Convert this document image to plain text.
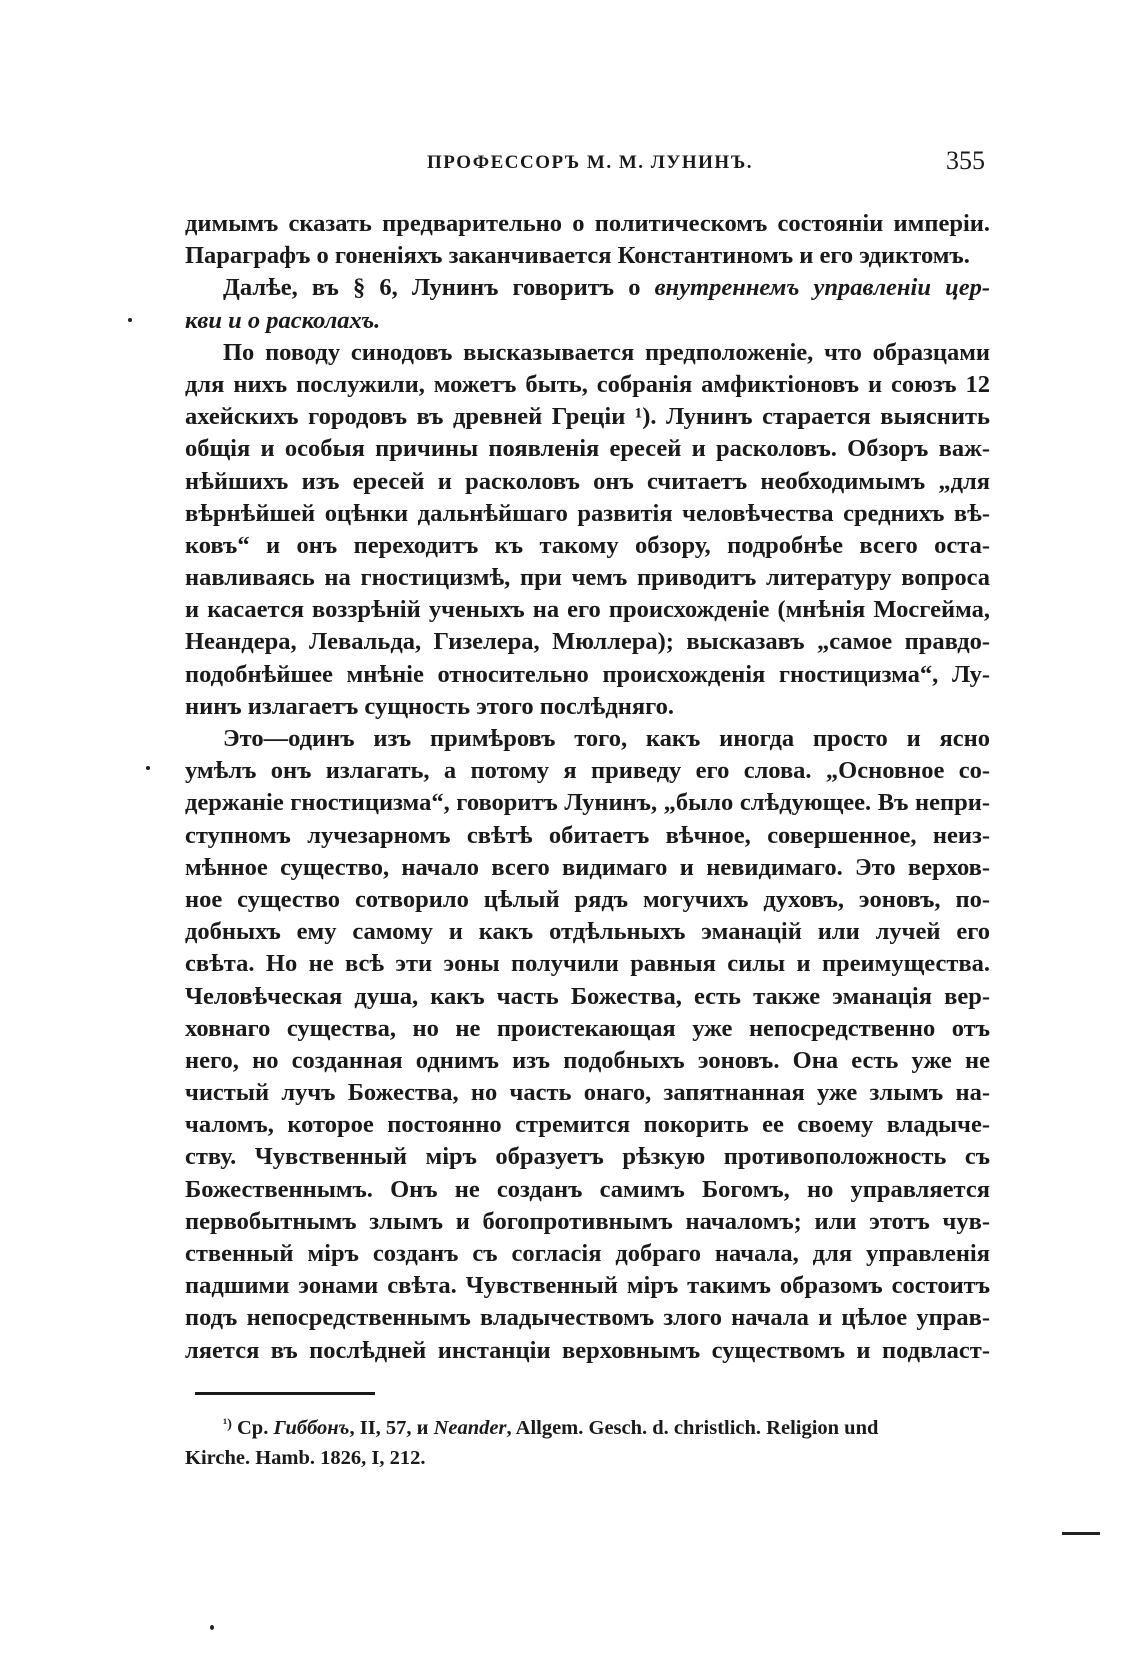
ПРОФЕССОРЪ М. М. ЛУНИНЪ.	355
димымъ сказать предварительно о политическомъ состояніи имперіи.
Параграфъ о гоненіяхъ заканчивается Константиномъ и его эдиктомъ.
Далѣе, въ § 6, Лунинъ говоритъ о внутреннемъ управленіи цер-
кви и о расколахъ.
По поводу синодовъ высказывается предположеніе, что образцами
для нихъ послужили, можетъ быть, собранія амфиктіоновъ и союзъ 12
ахейскихъ городовъ въ древней Греціи ¹). Лунинъ старается выяснить
общія и особыя причины появленія ересей и расколовъ. Обзоръ важ-
нѣйшихъ изъ ересей и расколовъ онъ считаетъ необходимымъ „для
вѣрнѣйшей оцѣнки дальнѣйшаго развитія человѣчества среднихъ вѣ-
ковъ“ и онъ переходитъ къ такому обзору, подробнѣе всего оста-
навливаясь на гностицизмѣ, при чемъ приводитъ литературу вопроса
и касается воззрѣній ученыхъ на его происхожденіе (мнѣнія Мосгейма,
Неандера, Левальда, Гизелера, Мюллера); высказавъ „самое правдо-
подобнѣйшее мнѣніе относительно происхожденія гностицизма“, Лу-
нинъ излагаетъ сущность этого послѣдняго.
Это—одинъ изъ примѣровъ того, какъ иногда просто и ясно
умѣлъ онъ излагать, а потому я приведу его слова. „Основное со-
держаніе гностицизма“, говоритъ Лунинъ, „было слѣдующее. Въ непри-
ступномъ лучезарномъ свѣтѣ обитаетъ вѣчное, совершенное, неиз-
мѣнное существо, начало всего видимаго и невидимаго. Это верхов-
ное существо сотворило цѣлый рядъ могучихъ духовъ, эоновъ, по-
добныхъ ему самому и какъ отдѣльныхъ эманацій или лучей его
свѣта. Но не всѣ эти эоны получили равныя силы и преимущества.
Человѣческая душа, какъ часть Божества, есть также эманація вер-
ховнаго существа, но не проистекающая уже непосредственно отъ
него, но созданная однимъ изъ подобныхъ эоновъ. Она есть уже не
чистый лучъ Божества, но часть онаго, запятнанная уже злымъ на-
чаломъ, которое постоянно стремится покорить ее своему владыче-
ству. Чувственный міръ образуетъ рѣзкую противоположность съ
Божественнымъ. Онъ не созданъ самимъ Богомъ, но управляется
первобытнымъ злымъ и богопротивнымъ началомъ; или этотъ чув-
ственный міръ созданъ съ согласія добраго начала, для управленія
падшими эонами свѣта. Чувственный міръ такимъ образомъ состоитъ
подъ непосредственнымъ владычествомъ злого начала и цѣлое управ-
ляется въ послѣдней инстанціи верховнымъ существомъ и подвласт-
$^{^1)}$ Ср. Гиббонъ, II, 57, и Neander, Allgem. Gesch. d. christlich. Religion und
Kirche. Hamb. 1826, I, 212.
